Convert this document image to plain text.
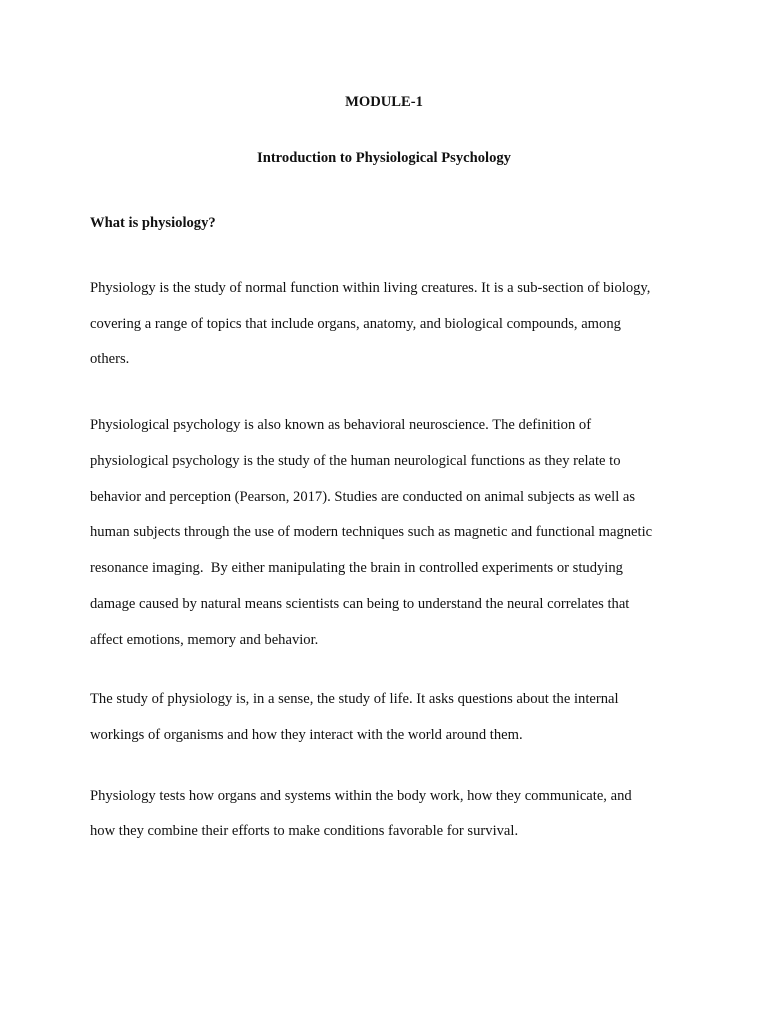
MODULE-1
Introduction to Physiological Psychology
What is physiology?
Physiology is the study of normal function within living creatures. It is a sub-section of biology,
covering a range of topics that include organs, anatomy, and biological compounds, among
others.
Physiological psychology is also known as behavioral neuroscience. The definition of
physiological psychology is the study of the human neurological functions as they relate to
behavior and perception (Pearson, 2017). Studies are conducted on animal subjects as well as
human subjects through the use of modern techniques such as magnetic and functional magnetic
resonance imaging.  By either manipulating the brain in controlled experiments or studying
damage caused by natural means scientists can being to understand the neural correlates that
affect emotions, memory and behavior.
The study of physiology is, in a sense, the study of life. It asks questions about the internal
workings of organisms and how they interact with the world around them.
Physiology tests how organs and systems within the body work, how they communicate, and
how they combine their efforts to make conditions favorable for survival.
